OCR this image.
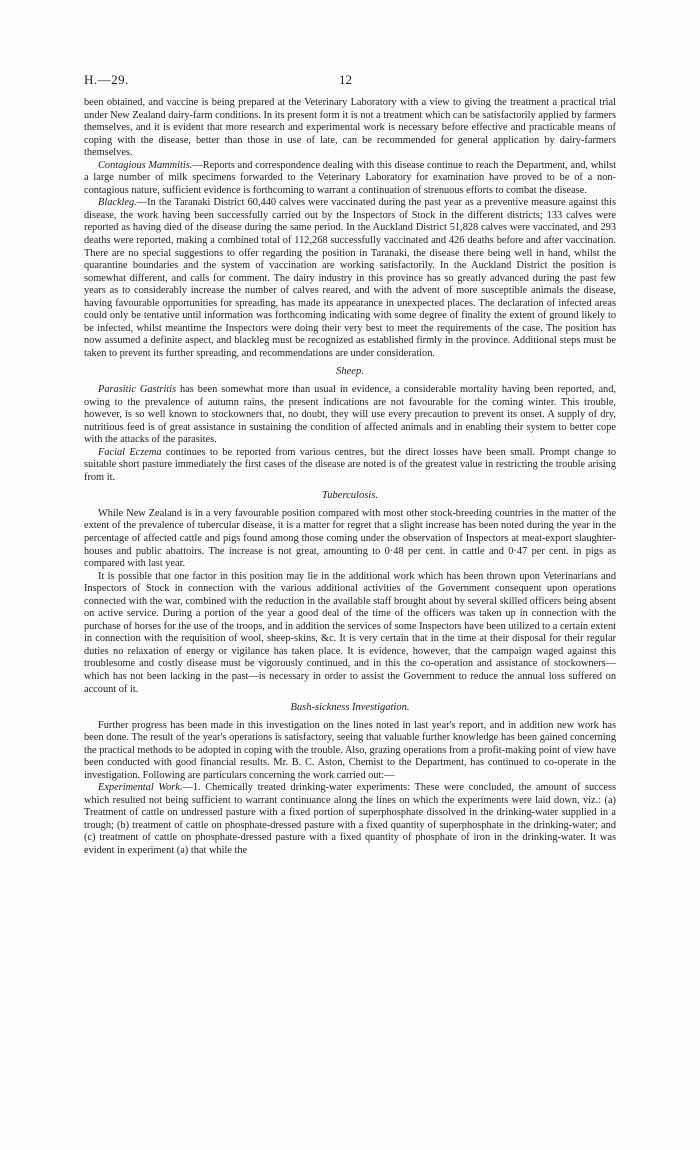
H.—29.	12

been obtained, and vaccine is being prepared at the Veterinary Laboratory with a view to giving the treatment a practical trial under New Zealand dairy-farm conditions. In its present form it is not a treatment which can be satisfactorily applied by farmers themselves, and it is evident that more research and experimental work is necessary before effective and practicable means of coping with the disease, better than those in use of late, can be recommended for general application by dairy-farmers themselves.

Contagious Mammitis.—Reports and correspondence dealing with this disease continue to reach the Department, and, whilst a large number of milk specimens forwarded to the Veterinary Laboratory for examination have proved to be of a non-contagious nature, sufficient evidence is forthcoming to warrant a continuation of strenuous efforts to combat the disease.

Blackleg.—In the Taranaki District 60,440 calves were vaccinated during the past year as a preventive measure against this disease, the work having been successfully carried out by the Inspectors of Stock in the different districts; 133 calves were reported as having died of the disease during the same period. In the Auckland District 51,828 calves were vaccinated, and 293 deaths were reported, making a combined total of 112,268 successfully vaccinated and 426 deaths before and after vaccination. There are no special suggestions to offer regarding the position in Taranaki, the disease there being well in hand, whilst the quarantine boundaries and the system of vaccination are working satisfactorily. In the Auckland District the position is somewhat different, and calls for comment. The dairy industry in this province has so greatly advanced during the past few years as to considerably increase the number of calves reared, and with the advent of more susceptible animals the disease, having favourable opportunities for spreading, has made its appearance in unexpected places. The declaration of infected areas could only be tentative until information was forthcoming indicating with some degree of finality the extent of ground likely to be infected, whilst meantime the Inspectors were doing their very best to meet the requirements of the case. The position has now assumed a definite aspect, and blackleg must be recognized as established firmly in the province. Additional steps must be taken to prevent its further spreading, and recommendations are under consideration.

Sheep.

Parasitic Gastritis has been somewhat more than usual in evidence, a considerable mortality having been reported, and, owing to the prevalence of autumn rains, the present indications are not favourable for the coming winter. This trouble, however, is so well known to stockowners that, no doubt, they will use every precaution to prevent its onset. A supply of dry, nutritious feed is of great assistance in sustaining the condition of affected animals and in enabling their system to better cope with the attacks of the parasites.

Facial Eczema continues to be reported from various centres, but the direct losses have been small. Prompt change to suitable short pasture immediately the first cases of the disease are noted is of the greatest value in restricting the trouble arising from it.

Tuberculosis.

While New Zealand is in a very favourable position compared with most other stock-breeding countries in the matter of the extent of the prevalence of tubercular disease, it is a matter for regret that a slight increase has been noted during the year in the percentage of affected cattle and pigs found among those coming under the observation of Inspectors at meat-export slaughter-houses and public abattoirs. The increase is not great, amounting to 0·48 per cent. in cattle and 0·47 per cent. in pigs as compared with last year.

It is possible that one factor in this position may lie in the additional work which has been thrown upon Veterinarians and Inspectors of Stock in connection with the various additional activities of the Government consequent upon operations connected with the war, combined with the reduction in the available staff brought about by several skilled officers being absent on active service. During a portion of the year a good deal of the time of the officers was taken up in connection with the purchase of horses for the use of the troops, and in addition the services of some Inspectors have been utilized to a certain extent in connection with the requisition of wool, sheep-skins, &c. It is very certain that in the time at their disposal for their regular duties no relaxation of energy or vigilance has taken place. It is evidence, however, that the campaign waged against this troublesome and costly disease must be vigorously continued, and in this the co-operation and assistance of stockowners—which has not been lacking in the past—is necessary in order to assist the Government to reduce the annual loss suffered on account of it.

Bush-sickness Investigation.

Further progress has been made in this investigation on the lines noted in last year's report, and in addition new work has been done. The result of the year's operations is satisfactory, seeing that valuable further knowledge has been gained concerning the practical methods to be adopted in coping with the trouble. Also, grazing operations from a profit-making point of view have been conducted with good financial results. Mr. B. C. Aston, Chemist to the Department, has continued to co-operate in the investigation. Following are particulars concerning the work carried out:—

Experimental Work.—1. Chemically treated drinking-water experiments: These were concluded, the amount of success which resulted not being sufficient to warrant continuance along the lines on which the experiments were laid down, viz.: (a) Treatment of cattle on undressed pasture with a fixed portion of superphosphate dissolved in the drinking-water supplied in a trough; (b) treatment of cattle on phosphate-dressed pasture with a fixed quantity of superphosphate in the drinking-water; and (c) treatment of cattle on phosphate-dressed pasture with a fixed quantity of phosphate of iron in the drinking-water. It was evident in experiment (a) that while the
